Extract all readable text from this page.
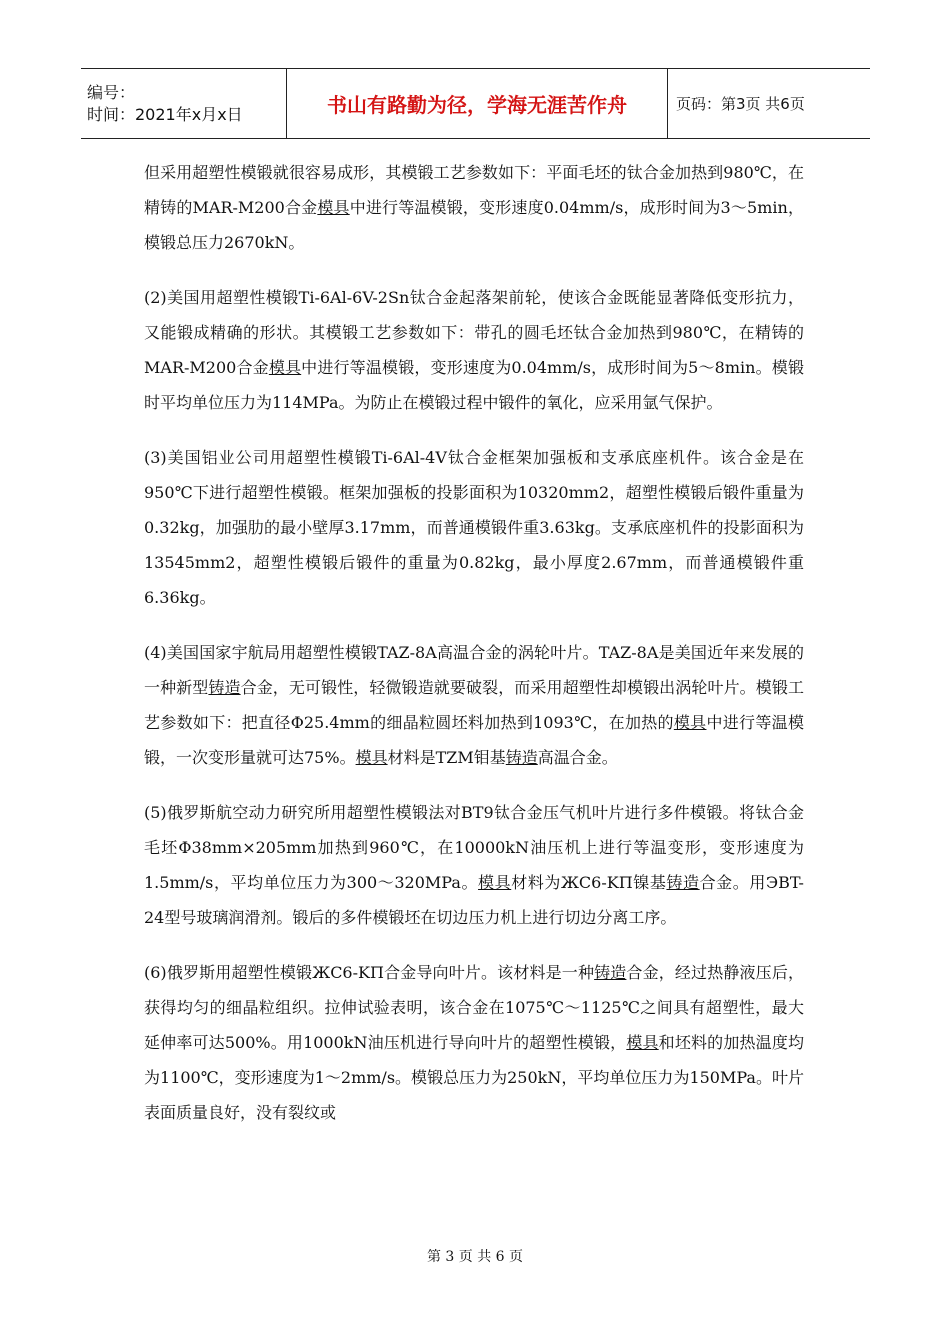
编号：
时间：2021年x月x日	书山有路勤为径，学海无涯苦作舟	页码：第3页 共6页

但采用超塑性模锻就很容易成形，其模锻工艺参数如下：平面毛坯的钛合金加热到980℃，在精铸的MAR-M200合金模具中进行等温模锻，变形速度0.04mm/s，成形时间为3～5min，模锻总压力2670kN。

(2)美国用超塑性模锻Ti-6Al-6V-2Sn钛合金起落架前轮，使该合金既能显著降低变形抗力，又能锻成精确的形状。其模锻工艺参数如下：带孔的圆毛坯钛合金加热到980℃，在精铸的MAR-M200合金模具中进行等温模锻，变形速度为0.04mm/s，成形时间为5～8min。模锻时平均单位压力为114MPa。为防止在模锻过程中锻件的氧化，应采用氩气保护。

(3)美国铝业公司用超塑性模锻Ti-6Al-4V钛合金框架加强板和支承底座机件。该合金是在950℃下进行超塑性模锻。框架加强板的投影面积为10320mm2，超塑性模锻后锻件重量为0.32kg，加强肋的最小壁厚3.17mm，而普通模锻件重3.63kg。支承底座机件的投影面积为13545mm2，超塑性模锻后锻件的重量为0.82kg，最小厚度2.67mm，而普通模锻件重6.36kg。

(4)美国国家宇航局用超塑性模锻TAZ-8A高温合金的涡轮叶片。TAZ-8A是美国近年来发展的一种新型铸造合金，无可锻性，轻微锻造就要破裂，而采用超塑性却模锻出涡轮叶片。模锻工艺参数如下：把直径Φ25.4mm的细晶粒圆坯料加热到1093℃，在加热的模具中进行等温模锻，一次变形量就可达75%。模具材料是TZM钼基铸造高温合金。

(5)俄罗斯航空动力研究所用超塑性模锻法对BT9钛合金压气机叶片进行多件模锻。将钛合金毛坯Φ38mm×205mm加热到960℃，在10000kN油压机上进行等温变形，变形速度为1.5mm/s，平均单位压力为300～320MPa。模具材料为ЖC6-KΠ镍基铸造合金。用ЭBT-24型号玻璃润滑剂。锻后的多件模锻坯在切边压力机上进行切边分离工序。

(6)俄罗斯用超塑性模锻ЖC6-KΠ合金导向叶片。该材料是一种铸造合金，经过热静液压后，获得均匀的细晶粒组织。拉伸试验表明，该合金在1075℃～1125℃之间具有超塑性，最大延伸率可达500%。用1000kN油压机进行导向叶片的超塑性模锻，模具和坯料的加热温度均为1100℃，变形速度为1～2mm/s。模锻总压力为250kN，平均单位压力为150MPa。叶片表面质量良好，没有裂纹或

第 3 页 共 6 页
